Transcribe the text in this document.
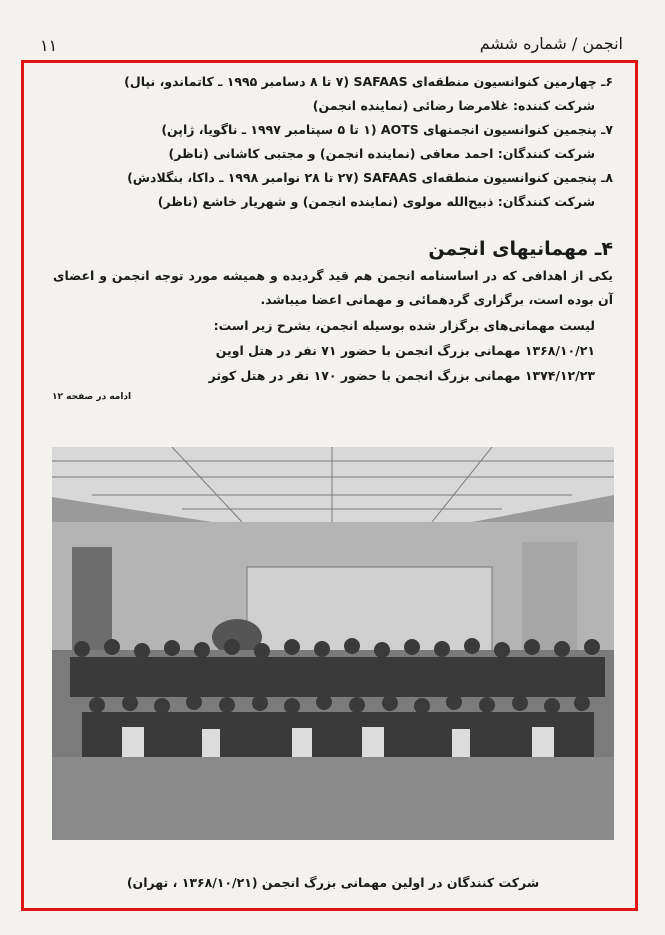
۱۱	انجمن / شماره ششم
۶ـ چهارمین کنوانسیون منطقه‌ای SAFAAS (۷ تا ۸ دسامبر ۱۹۹۵ ـ کاتماندو، نپال)
شرکت کننده: غلامرضا رضائی (نماینده انجمن)
۷ـ پنجمین کنوانسیون انجمنهای AOTS (۱ تا ۵ سپتامبر ۱۹۹۷ ـ ناگویا، ژاپن)
شرکت کنندگان: احمد معافی (نماینده انجمن) و مجتبی کاشانی (ناظر)
۸ـ پنجمین کنوانسیون منطقه‌ای SAFAAS (۲۷ تا ۲۸ نوامبر ۱۹۹۸ ـ داکا، بنگلادش)
شرکت کنندگان: ذبیح‌الله مولوی (نماینده انجمن) و شهریار خاشع (ناظر)
۴ـ مهمانیهای انجمن
یکی از اهدافی که در اساسنامه انجمن هم قید گردیده و همیشه مورد توجه انجمن و اعضای آن بوده است، برگزاری گردهمائی و مهمانی اعضا میباشد.
لیست مهمانی‌های برگزار شده بوسیله انجمن، بشرح زیر است:
۱۳۶۸/۱۰/۲۱ مهمانی بزرگ انجمن با حضور ۷۱ نفر در هتل اوین
۱۳۷۴/۱۲/۲۳ مهمانی بزرگ انجمن با حضور ۱۷۰ نفر در هتل کوثر
ادامه در صفحه ۱۲
شرکت کنندگان در اولین مهمانی بزرگ انجمن (۱۳۶۸/۱۰/۲۱ ، تهران)
